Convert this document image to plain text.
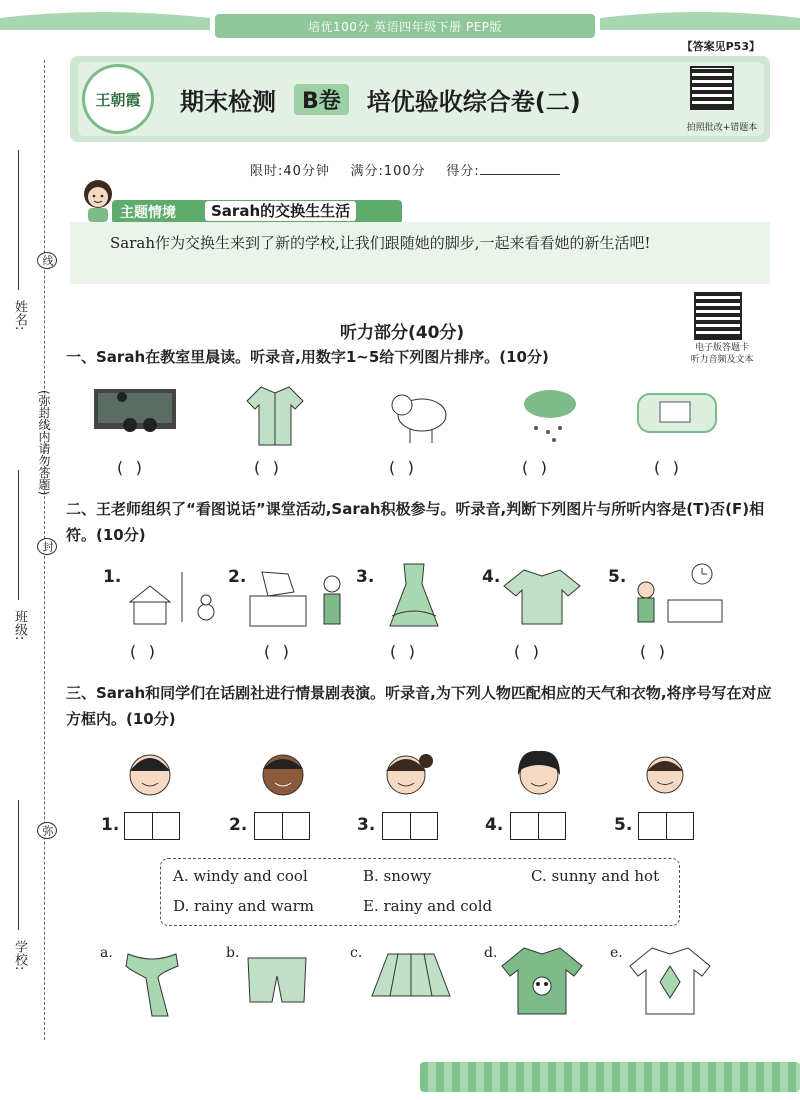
姓名:
班级:
学校:
(弥封线内请勿答题)
线
封
弥
培优100分 英语四年级下册 PEP版
【答案见P53】
王朝霞 期末检测	B卷	培优验收综合卷(二)
拍照批改+错题本
限时:40分钟 满分:100分 得分:
主题情境	Sarah的交换生生活
Sarah作为交换生来到了新的学校,让我们跟随她的脚步,一起来看看她的新生活吧!
听力部分(40分)
电子版答题卡
听力音频及文本
一、Sarah在教室里晨读。听录音,用数字1~5给下列图片排序。(10分)
( )	( )	( )	( )	( )
二、王老师组织了“看图说话”课堂活动,Sarah积极参与。听录音,判断下列图片与所听内容是(T)否(F)相符。(10分)
1.	2.	3.	4.	5.
( )	( )	( )	( )	( )
三、Sarah和同学们在话剧社进行情景剧表演。听录音,为下列人物匹配相应的天气和衣物,将序号写在对应方框内。(10分)
1.	2.	3.	4.	5.
A. windy and cool	B. snowy	C. sunny and hot
D. rainy and warm	E. rainy and cold
a.	b.	c.	d.	e.
